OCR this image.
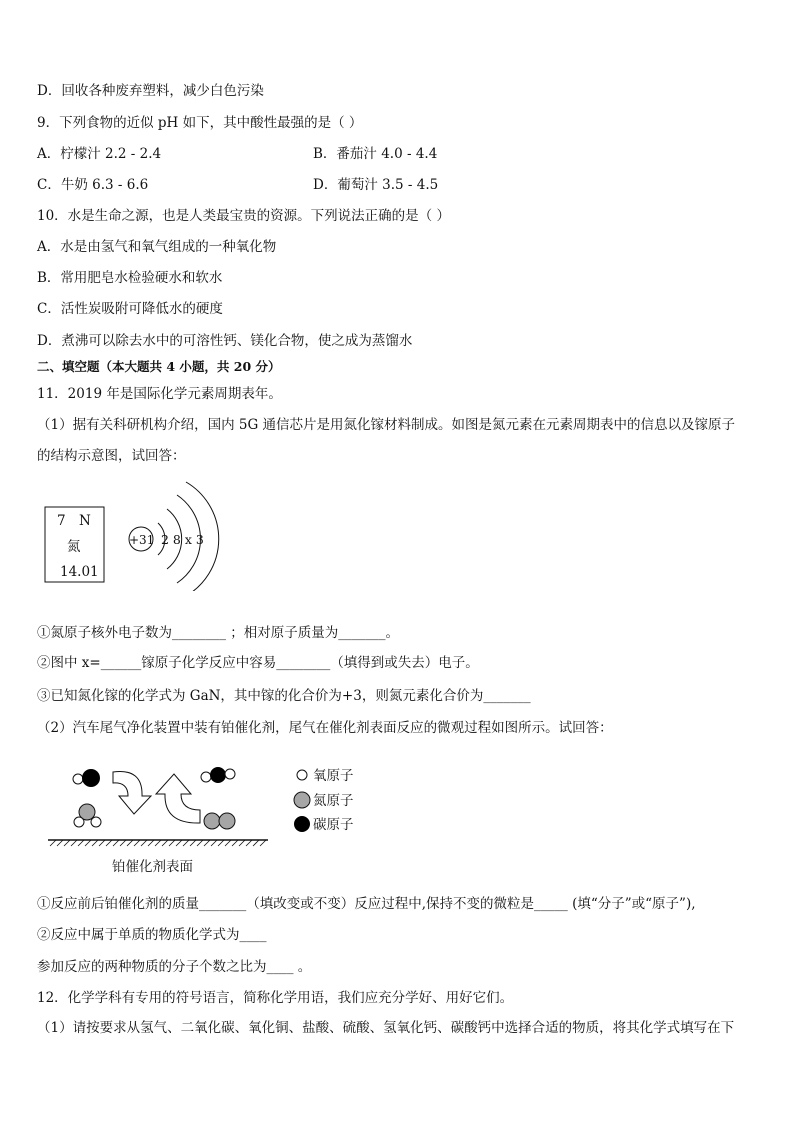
D．回收各种废弃塑料，减少白色污染
9．下列食物的近似 pH 如下，其中酸性最强的是（ ）
A．柠檬汁 2.2 - 2.4	B．番茄汁 4.0 - 4.4
C．牛奶 6.3 - 6.6	D．葡萄汁 3.5 - 4.5
10．水是生命之源，也是人类最宝贵的资源。下列说法正确的是（ ）
A．水是由氢气和氧气组成的一种氧化物
B．常用肥皂水检验硬水和软水
C．活性炭吸附可降低水的硬度
D．煮沸可以除去水中的可溶性钙、镁化合物，使之成为蒸馏水
二、填空题（本大题共 4 小题，共 20 分）
11．2019 年是国际化学元素周期表年。
（1）据有关科研机构介绍，国内 5G 通信芯片是用氮化镓材料制成。如图是氮元素在元素周期表中的信息以及镓原子
的结构示意图，试回答：
7 N
氮
14.01
+31 2 8 x 3
①氮原子核外电子数为________ ；相对原子质量为_______。
②图中 x=______镓原子化学反应中容易________（填得到或失去）电子。
③已知氮化镓的化学式为 GaN，其中镓的化合价为+3，则氮元素化合价为_______
（2）汽车尾气净化装置中装有铂催化剂，尾气在催化剂表面反应的微观过程如图所示。试回答：
氧原子
氮原子
碳原子
铂催化剂表面
①反应前后铂催化剂的质量_______（填改变或不变）反应过程中,保持不变的微粒是_____ (填“分子”或“原子”),
②反应中属于单质的物质化学式为____
参加反应的两种物质的分子个数之比为____ 。
12．化学学科有专用的符号语言，简称化学用语，我们应充分学好、用好它们。
（1）请按要求从氢气、二氧化碳、氧化铜、盐酸、硫酸、氢氧化钙、碳酸钙中选择合适的物质，将其化学式填写在下
